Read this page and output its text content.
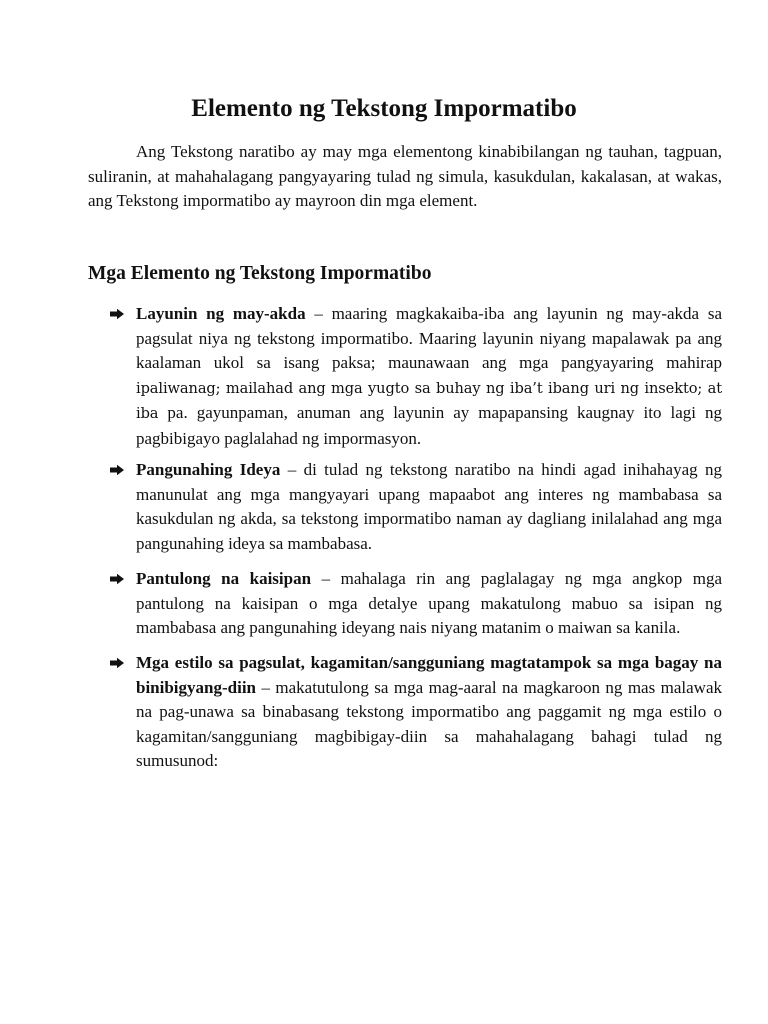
Elemento ng Tekstong Impormatibo

Ang Tekstong naratibo ay may mga elementong kinabibilangan ng tauhan, tagpuan, suliranin, at mahahalagang pangyayaring tulad ng simula, kasukdulan, kakalasan, at wakas, ang Tekstong impormatibo ay mayroon din mga element.

Mga Elemento ng Tekstong Impormatibo
Layunin ng may-akda – maaring magkakaiba-iba ang layunin ng may-akda sa pagsulat niya ng tekstong impormatibo. Maaring layunin niyang mapalawak pa ang kaalaman ukol sa isang paksa; maunawaan ang mga pangyayaring mahirap ipaliwanag; mailahad ang mga yugto sa buhay ng iba’t ibang uri ng insekto; at iba pa. gayunpaman, anuman ang layunin ay mapapansing kaugnay ito lagi ng pagbibigayo paglalahad ng impormasyon.
Pangunahing Ideya – di tulad ng tekstong naratibo na hindi agad inihahayag ng manunulat ang mga mangyayari upang mapaabot ang interes ng mambabasa sa kasukdulan ng akda, sa tekstong impormatibo naman ay dagliang inilalahad ang mga pangunahing ideya sa mambabasa.
Pantulong na kaisipan – mahalaga rin ang paglalagay ng mga angkop mga pantulong na kaisipan o mga detalye upang makatulong mabuo sa isipan ng mambabasa ang pangunahing ideyang nais niyang matanim o maiwan sa kanila.
Mga estilo sa pagsulat, kagamitan/sangguniang magtatampok sa mga bagay na binibigyang-diin – makatutulong sa mga mag-aaral na magkaroon ng mas malawak na pag-unawa sa binabasang tekstong impormatibo ang paggamit ng mga estilo o kagamitan/sangguniang magbibigay-diin sa mahahalagang bahagi tulad ng sumusunod:
